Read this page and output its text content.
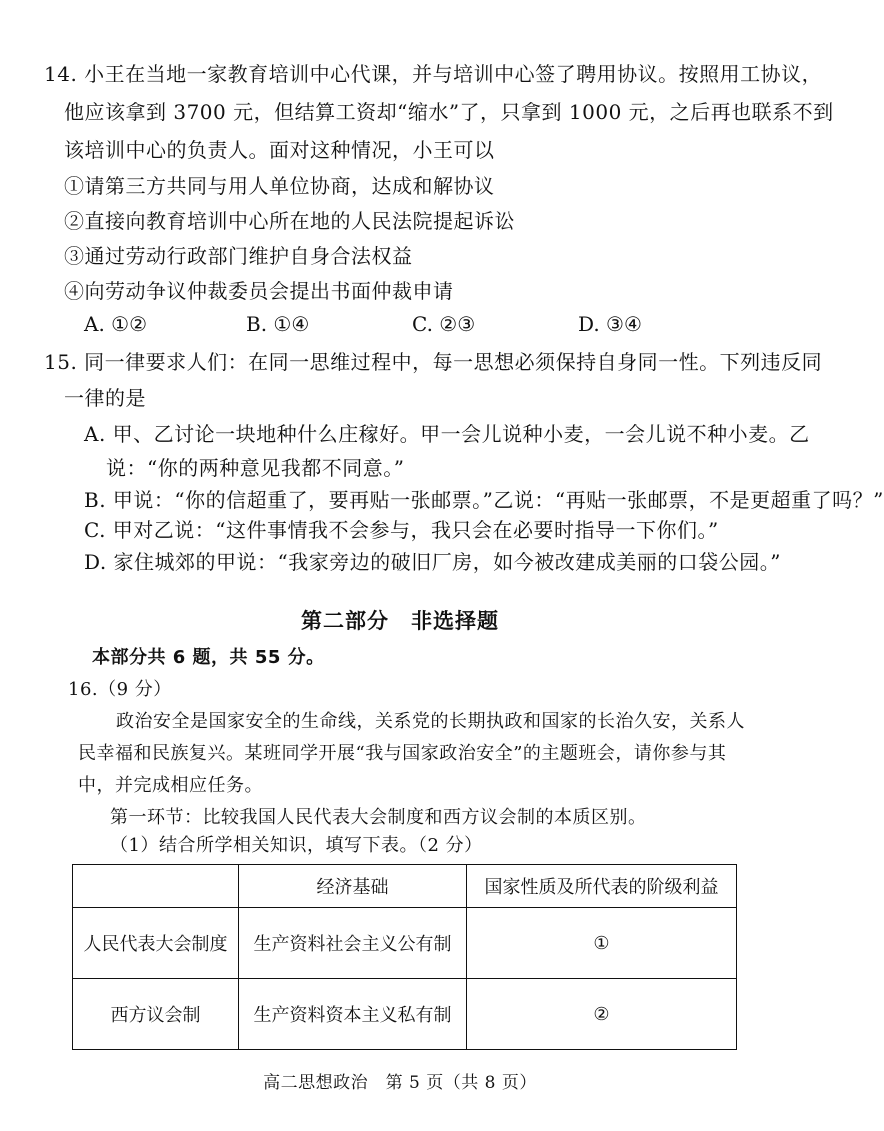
14. 小王在当地一家教育培训中心代课，并与培训中心签了聘用协议。按照用工协议，
他应该拿到 3700 元，但结算工资却“缩水”了，只拿到 1000 元，之后再也联系不到
该培训中心的负责人。面对这种情况，小王可以
①请第三方共同与用人单位协商，达成和解协议
②直接向教育培训中心所在地的人民法院提起诉讼
③通过劳动行政部门维护自身合法权益
④向劳动争议仲裁委员会提出书面仲裁申请
A. ①②	B. ①④	C. ②③	D. ③④
15. 同一律要求人们：在同一思维过程中，每一思想必须保持自身同一性。下列违反同
一律的是
A. 甲、乙讨论一块地种什么庄稼好。甲一会儿说种小麦，一会儿说不种小麦。乙
说：“你的两种意见我都不同意。”
B. 甲说：“你的信超重了，要再贴一张邮票。”乙说：“再贴一张邮票，不是更超重了吗？”
C. 甲对乙说：“这件事情我不会参与，我只会在必要时指导一下你们。”
D. 家住城郊的甲说：“我家旁边的破旧厂房，如今被改建成美丽的口袋公园。”
第二部分　非选择题
本部分共 6 题，共 55 分。
16.（9 分）
政治安全是国家安全的生命线，关系党的长期执政和国家的长治久安，关系人
民幸福和民族复兴。某班同学开展“我与国家政治安全”的主题班会，请你参与其
中，并完成相应任务。
第一环节：比较我国人民代表大会制度和西方议会制的本质区别。
（1）结合所学相关知识，填写下表。（2 分）
	经济基础	国家性质及所代表的阶级利益
人民代表大会制度	生产资料社会主义公有制	①
西方议会制	生产资料资本主义私有制	②
高二思想政治　第 5 页（共 8 页）
